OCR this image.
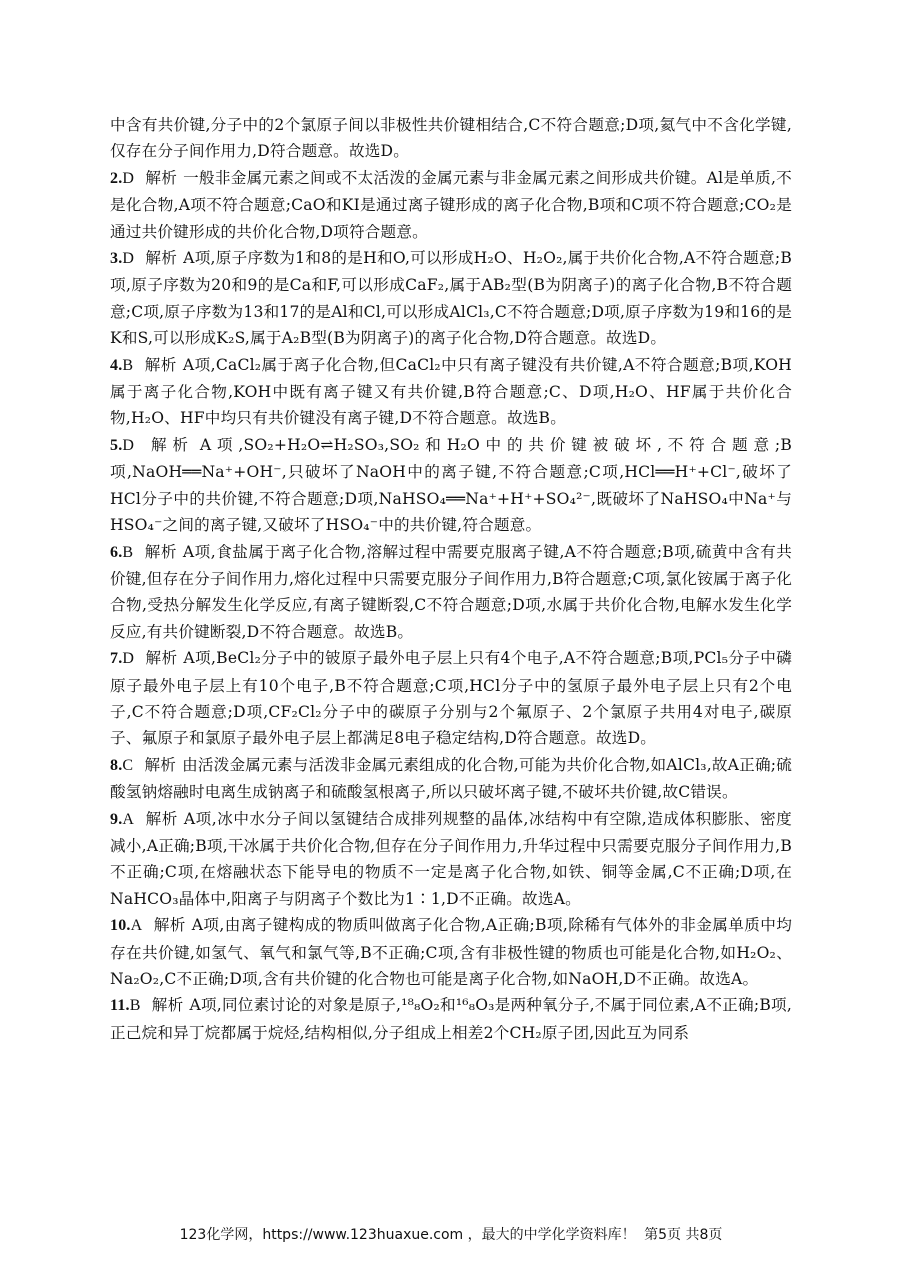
中含有共价键,分子中的2个氯原子间以非极性共价键相结合,C不符合题意;D项,氦气中不含化学键,仅存在分子间作用力,D符合题意。故选D。

2.D 解析 一般非金属元素之间或不太活泼的金属元素与非金属元素之间形成共价键。Al是单质,不是化合物,A项不符合题意;CaO和KI是通过离子键形成的离子化合物,B项和C项不符合题意;CO₂是通过共价键形成的共价化合物,D项符合题意。

3.D 解析 A项,原子序数为1和8的是H和O,可以形成H₂O、H₂O₂,属于共价化合物,A不符合题意;B项,原子序数为20和9的是Ca和F,可以形成CaF₂,属于AB₂型(B为阴离子)的离子化合物,B不符合题意;C项,原子序数为13和17的是Al和Cl,可以形成AlCl₃,C不符合题意;D项,原子序数为19和16的是K和S,可以形成K₂S,属于A₂B型(B为阴离子)的离子化合物,D符合题意。故选D。

4.B 解析 A项,CaCl₂属于离子化合物,但CaCl₂中只有离子键没有共价键,A不符合题意;B项,KOH属于离子化合物,KOH中既有离子键又有共价键,B符合题意;C、D项,H₂O、HF属于共价化合物,H₂O、HF中均只有共价键没有离子键,D不符合题意。故选B。

5.D 解析 A项,SO₂+H₂O⇌H₂SO₃,SO₂和H₂O中的共价键被破坏,不符合题意;B项,NaOH══Na⁺+OH⁻,只破坏了NaOH中的离子键,不符合题意;C项,HCl══H⁺+Cl⁻,破坏了HCl分子中的共价键,不符合题意;D项,NaHSO₄══Na⁺+H⁺+SO₄²⁻,既破坏了NaHSO₄中Na⁺与HSO₄⁻之间的离子键,又破坏了HSO₄⁻中的共价键,符合题意。

6.B 解析 A项,食盐属于离子化合物,溶解过程中需要克服离子键,A不符合题意;B项,硫黄中含有共价键,但存在分子间作用力,熔化过程中只需要克服分子间作用力,B符合题意;C项,氯化铵属于离子化合物,受热分解发生化学反应,有离子键断裂,C不符合题意;D项,水属于共价化合物,电解水发生化学反应,有共价键断裂,D不符合题意。故选B。

7.D 解析 A项,BeCl₂分子中的铍原子最外电子层上只有4个电子,A不符合题意;B项,PCl₅分子中磷原子最外电子层上有10个电子,B不符合题意;C项,HCl分子中的氢原子最外电子层上只有2个电子,C不符合题意;D项,CF₂Cl₂分子中的碳原子分别与2个氟原子、2个氯原子共用4对电子,碳原子、氟原子和氯原子最外电子层上都满足8电子稳定结构,D符合题意。故选D。

8.C 解析 由活泼金属元素与活泼非金属元素组成的化合物,可能为共价化合物,如AlCl₃,故A正确;硫酸氢钠熔融时电离生成钠离子和硫酸氢根离子,所以只破坏离子键,不破坏共价键,故C错误。

9.A 解析 A项,冰中水分子间以氢键结合成排列规整的晶体,冰结构中有空隙,造成体积膨胀、密度减小,A正确;B项,干冰属于共价化合物,但存在分子间作用力,升华过程中只需要克服分子间作用力,B不正确;C项,在熔融状态下能导电的物质不一定是离子化合物,如铁、铜等金属,C不正确;D项,在NaHCO₃晶体中,阳离子与阴离子个数比为1∶1,D不正确。故选A。

10.A 解析 A项,由离子键构成的物质叫做离子化合物,A正确;B项,除稀有气体外的非金属单质中均存在共价键,如氢气、氧气和氯气等,B不正确;C项,含有非极性键的物质也可能是化合物,如H₂O₂、Na₂O₂,C不正确;D项,含有共价键的化合物也可能是离子化合物,如NaOH,D不正确。故选A。

11.B 解析 A项,同位素讨论的对象是原子,¹⁸₈O₂和¹⁶₈O₃是两种氧分子,不属于同位素,A不正确;B项,正己烷和异丁烷都属于烷烃,结构相似,分子组成上相差2个CH₂原子团,因此互为同系

123化学网，https://www.123huaxue.com ，最大的中学化学资料库！ 第5页 共8页
